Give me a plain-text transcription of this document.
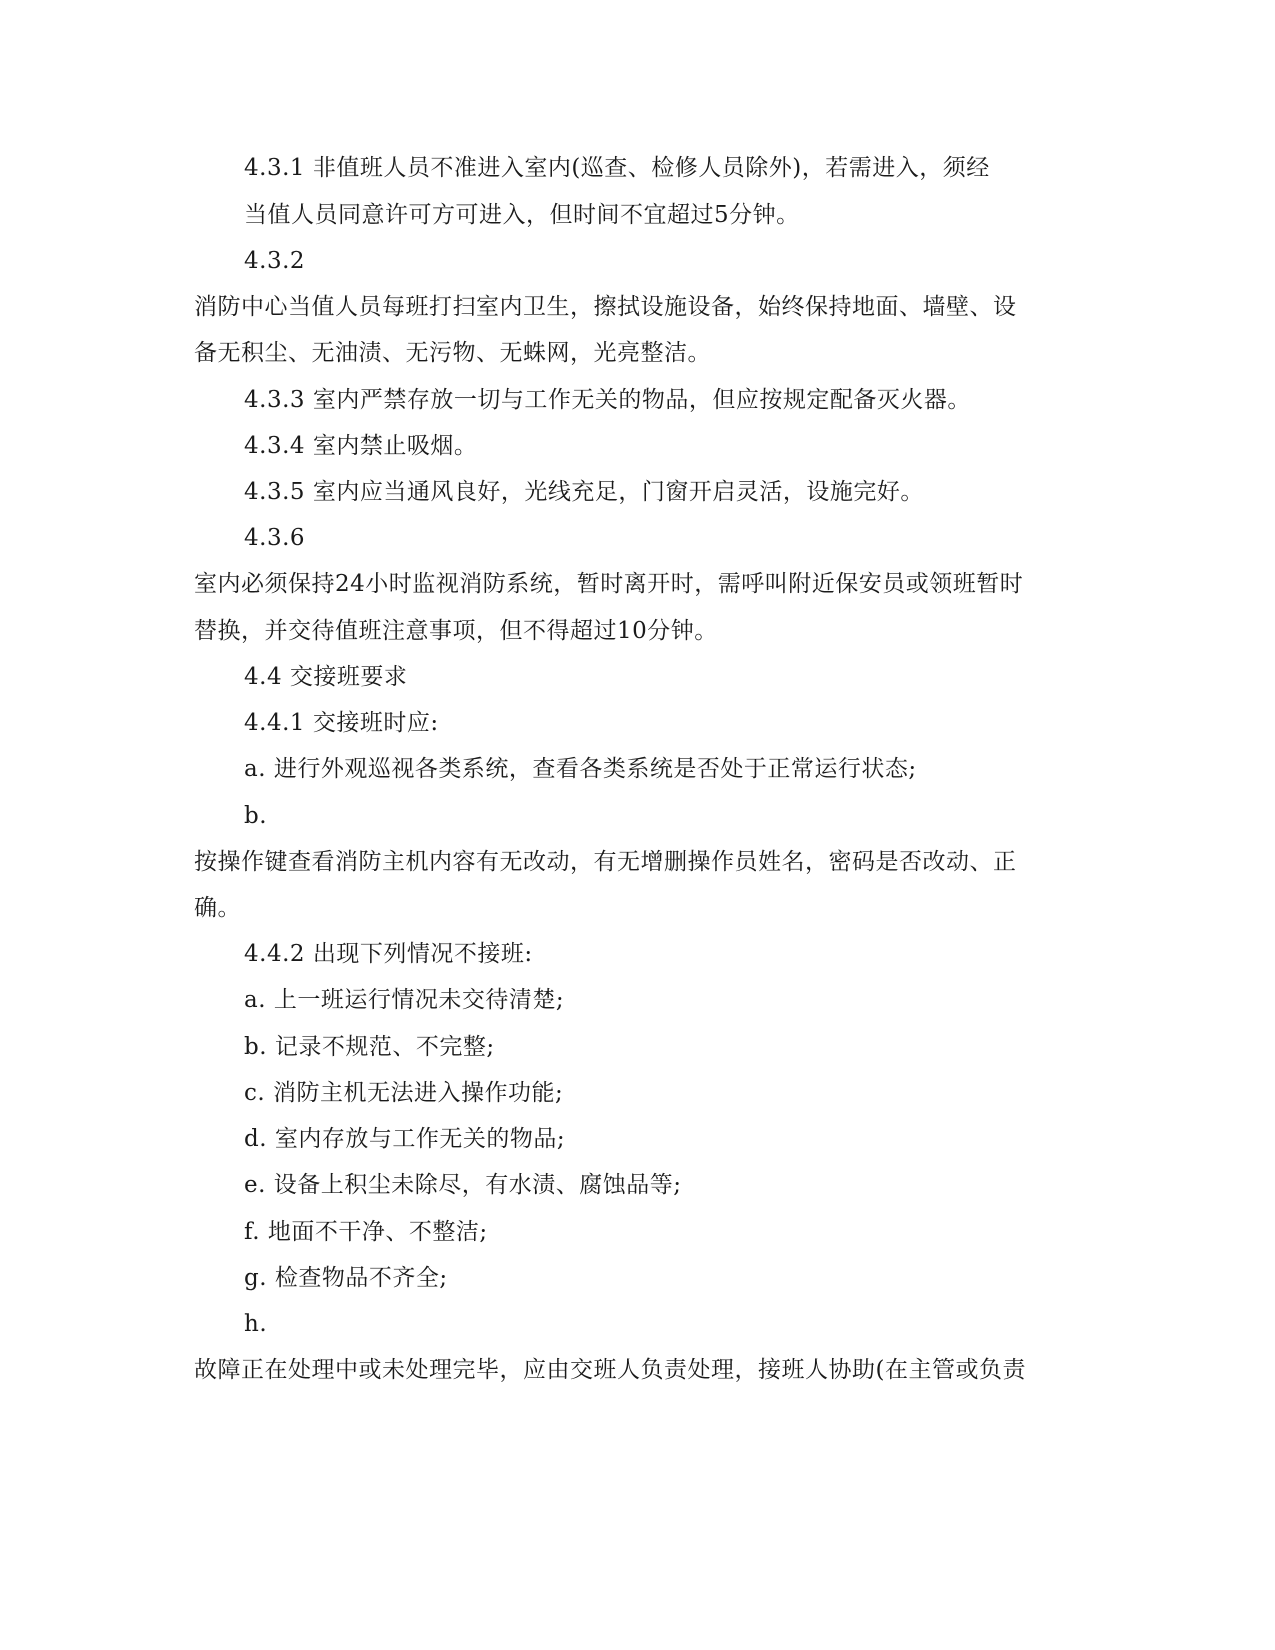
4.3.1 非值班人员不准进入室内(巡查、检修人员除外)，若需进入，须经
当值人员同意许可方可进入，但时间不宜超过5分钟。
4.3.2
消防中心当值人员每班打扫室内卫生，擦拭设施设备，始终保持地面、墙壁、设
备无积尘、无油渍、无污物、无蛛网，光亮整洁。
4.3.3 室内严禁存放一切与工作无关的物品，但应按规定配备灭火器。
4.3.4 室内禁止吸烟。
4.3.5 室内应当通风良好，光线充足，门窗开启灵活，设施完好。
4.3.6
室内必须保持24小时监视消防系统，暂时离开时，需呼叫附近保安员或领班暂时
替换，并交待值班注意事项，但不得超过10分钟。
4.4 交接班要求
4.4.1 交接班时应:
a. 进行外观巡视各类系统，查看各类系统是否处于正常运行状态;
b.
按操作键查看消防主机内容有无改动，有无增删操作员姓名，密码是否改动、正
确。
4.4.2 出现下列情况不接班:
a. 上一班运行情况未交待清楚;
b. 记录不规范、不完整;
c. 消防主机无法进入操作功能;
d. 室内存放与工作无关的物品;
e. 设备上积尘未除尽，有水渍、腐蚀品等;
f. 地面不干净、不整洁;
g. 检查物品不齐全;
h.
故障正在处理中或未处理完毕，应由交班人负责处理，接班人协助(在主管或负责
